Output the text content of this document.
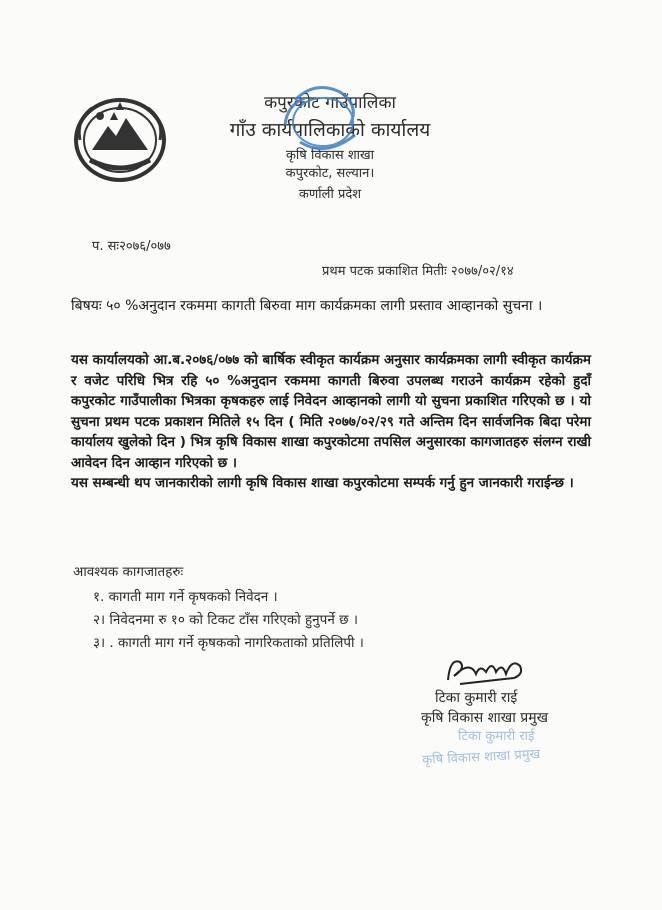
कपुरकोट गाउँपालिका
गाँउ कार्यपालिकाको कार्यालय
कृषि विकास शाखा
कपुरकोट, सल्यान।
कर्णाली प्रदेश
प. सः२०७६/०७७
प्रथम पटक प्रकाशित मितीः २०७७/०२/१४
बिषयः ५० %अनुदान रकममा कागती बिरुवा माग कार्यक्रमका लागी प्रस्ताव आव्हानको सुचना ।

यस कार्यालयको आ.ब.२०७६/०७७ को बार्षिक स्वीकृत कार्यक्रम अनुसार कार्यक्रमका लागी स्वीकृत कार्यक्रम र वजेट परिधि भित्र रहि ५० %अनुदान रकममा कागती बिरुवा उपलब्ध गराउने कार्यक्रम रहेको हुदाँ कपुरकोट गाउँपालीका भित्रका कृषकहरु लाई निवेदन आव्हानको लागी यो सुचना प्रकाशित गरिएको छ । यो सुचना प्रथम पटक प्रकाशन मितिले १५ दिन ( मिति २०७७/०२/२९ गते अन्तिम दिन सार्वजनिक बिदा परेमा कार्यालय खुलेको दिन ) भित्र कृषि विकास शाखा कपुरकोटमा तपसिल अनुसारका कागजातहरु संलग्न राखी आवेदन दिन आव्हान गरिएको छ ।

यस सम्बन्धी थप जानकारीको लागी कृषि विकास शाखा कपुरकोटमा सम्पर्क गर्नु हुन जानकारी गराईन्छ ।

आवश्यक कागजातहरुः
१. कागती माग गर्ने कृषकको निवेदन ।
२। निवेदनमा रु १० को टिकट टाँस गरिएको हुनुपर्ने छ ।
३। . कागती माग गर्ने कृषकको नागरिकताको प्रतिलिपी ।
टिका कुमारी राई
कृषि विकास शाखा प्रमुख
टिका कुमारी राई
कृषि विकास शाखा प्रमुख
